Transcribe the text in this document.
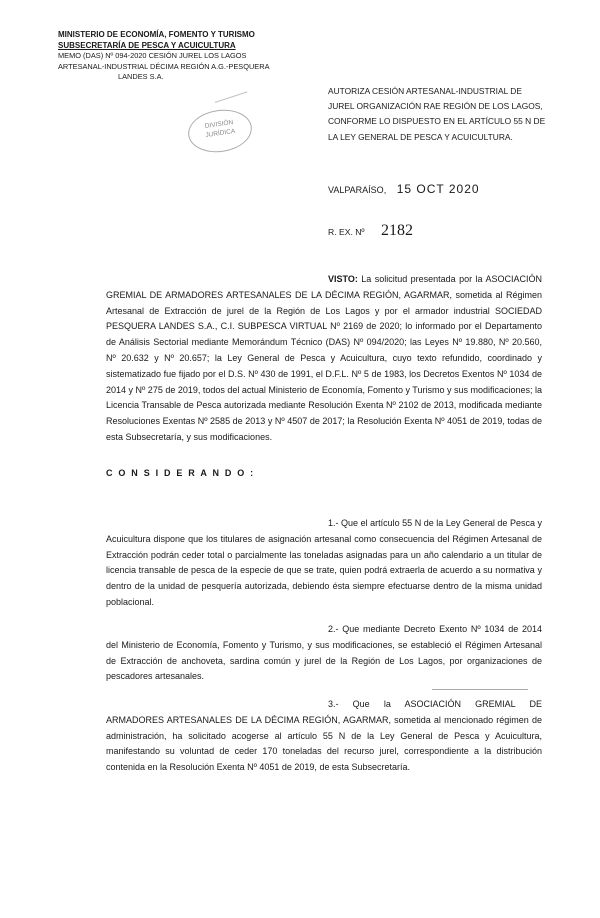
MINISTERIO DE ECONOMÍA, FOMENTO Y TURISMO
SUBSECRETARÍA DE PESCA Y ACUICULTURA
MEMO (DAS) Nº 094-2020 CESIÓN JUREL LOS LAGOS
ARTESANAL-INDUSTRIAL DÉCIMA REGIÓN A.G.-PESQUERA
LANDES S.A.
DIVISIÓN
JURÍDICA
AUTORIZA CESIÓN ARTESANAL-INDUSTRIAL DE JUREL ORGANIZACIÓN RAE REGIÓN DE LOS LAGOS, CONFORME LO DISPUESTO EN EL ARTÍCULO 55 N DE LA LEY GENERAL DE PESCA Y ACUICULTURA.
VALPARAÍSO, 15 OCT 2020
R. EX. Nº 2182
VISTO: La solicitud presentada por la ASOCIACIÓN GREMIAL DE ARMADORES ARTESANALES DE LA DÉCIMA REGIÓN, AGARMAR, sometida al Régimen Artesanal de Extracción de jurel de la Región de Los Lagos y por el armador industrial SOCIEDAD PESQUERA LANDES S.A., C.I. SUBPESCA VIRTUAL Nº 2169 de 2020; lo informado por el Departamento de Análisis Sectorial mediante Memorándum Técnico (DAS) Nº 094/2020; las Leyes Nº 19.880, Nº 20.560, Nº 20.632 y Nº 20.657; la Ley General de Pesca y Acuicultura, cuyo texto refundido, coordinado y sistematizado fue fijado por el D.S. Nº 430 de 1991, el D.F.L. Nº 5 de 1983, los Decretos Exentos Nº 1034 de 2014 y Nº 275 de 2019, todos del actual Ministerio de Economía, Fomento y Turismo y sus modificaciones; la Licencia Transable de Pesca autorizada mediante Resolución Exenta Nº 2102 de 2013, modificada mediante Resoluciones Exentas Nº 2585 de 2013 y Nº 4507 de 2017; la Resolución Exenta Nº 4051 de 2019, todas de esta Subsecretaría, y sus modificaciones.
C O N S I D E R A N D O :
1.- Que el artículo 55 N de la Ley General de Pesca y Acuicultura dispone que los titulares de asignación artesanal como consecuencia del Régimen Artesanal de Extracción podrán ceder total o parcialmente las toneladas asignadas para un año calendario a un titular de licencia transable de pesca de la especie de que se trate, quien podrá extraerla de acuerdo a su normativa y dentro de la unidad de pesquería autorizada, debiendo ésta siempre efectuarse dentro de la misma unidad poblacional.
2.- Que mediante Decreto Exento Nº 1034 de 2014 del Ministerio de Economía, Fomento y Turismo, y sus modificaciones, se estableció el Régimen Artesanal de Extracción de anchoveta, sardina común y jurel de la Región de Los Lagos, por organizaciones de pescadores artesanales.
3.- Que la ASOCIACIÓN GREMIAL DE ARMADORES ARTESANALES DE LA DÉCIMA REGIÓN, AGARMAR, sometida al mencionado régimen de administración, ha solicitado acogerse al artículo 55 N de la Ley General de Pesca y Acuicultura, manifestando su voluntad de ceder 170 toneladas del recurso jurel, correspondiente a la distribución contenida en la Resolución Exenta Nº 4051 de 2019, de esta Subsecretaría.
